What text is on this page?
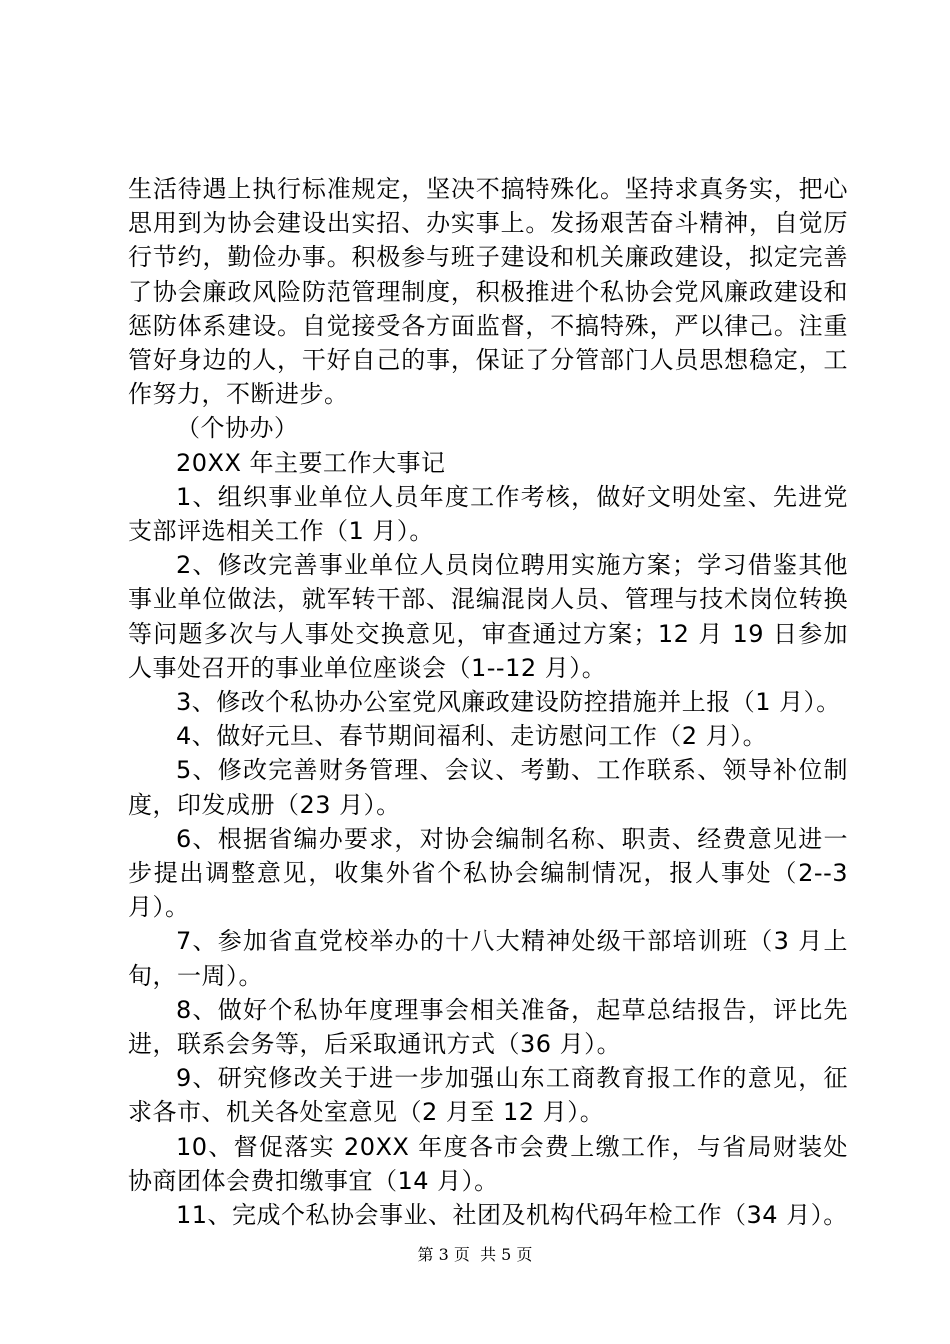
生活待遇上执行标准规定，坚决不搞特殊化。坚持求真务实，把心思用到为协会建设出实招、办实事上。发扬艰苦奋斗精神，自觉厉行节约，勤俭办事。积极参与班子建设和机关廉政建设，拟定完善了协会廉政风险防范管理制度，积极推进个私协会党风廉政建设和惩防体系建设。自觉接受各方面监督，不搞特殊，严以律己。注重管好身边的人，干好自己的事，保证了分管部门人员思想稳定，工作努力，不断进步。

（个协办）

20XX 年主要工作大事记

1、组织事业单位人员年度工作考核，做好文明处室、先进党支部评选相关工作（1 月）。

2、修改完善事业单位人员岗位聘用实施方案；学习借鉴其他事业单位做法，就军转干部、混编混岗人员、管理与技术岗位转换等问题多次与人事处交换意见，审查通过方案；12 月 19 日参加人事处召开的事业单位座谈会（1--12 月）。

3、修改个私协办公室党风廉政建设防控措施并上报（1 月）。

4、做好元旦、春节期间福利、走访慰问工作（2 月）。

5、修改完善财务管理、会议、考勤、工作联系、领导补位制度，印发成册（23 月）。

6、根据省编办要求，对协会编制名称、职责、经费意见进一步提出调整意见，收集外省个私协会编制情况，报人事处（2--3 月）。

7、参加省直党校举办的十八大精神处级干部培训班（3 月上旬，一周）。

8、做好个私协年度理事会相关准备，起草总结报告，评比先进，联系会务等，后采取通讯方式（36 月）。

9、研究修改关于进一步加强山东工商教育报工作的意见，征求各市、机关各处室意见（2 月至 12 月）。

10、督促落实 20XX 年度各市会费上缴工作，与省局财装处协商团体会费扣缴事宜（14 月）。

11、完成个私协会事业、社团及机构代码年检工作（34 月）。

第 3 页  共 5 页
